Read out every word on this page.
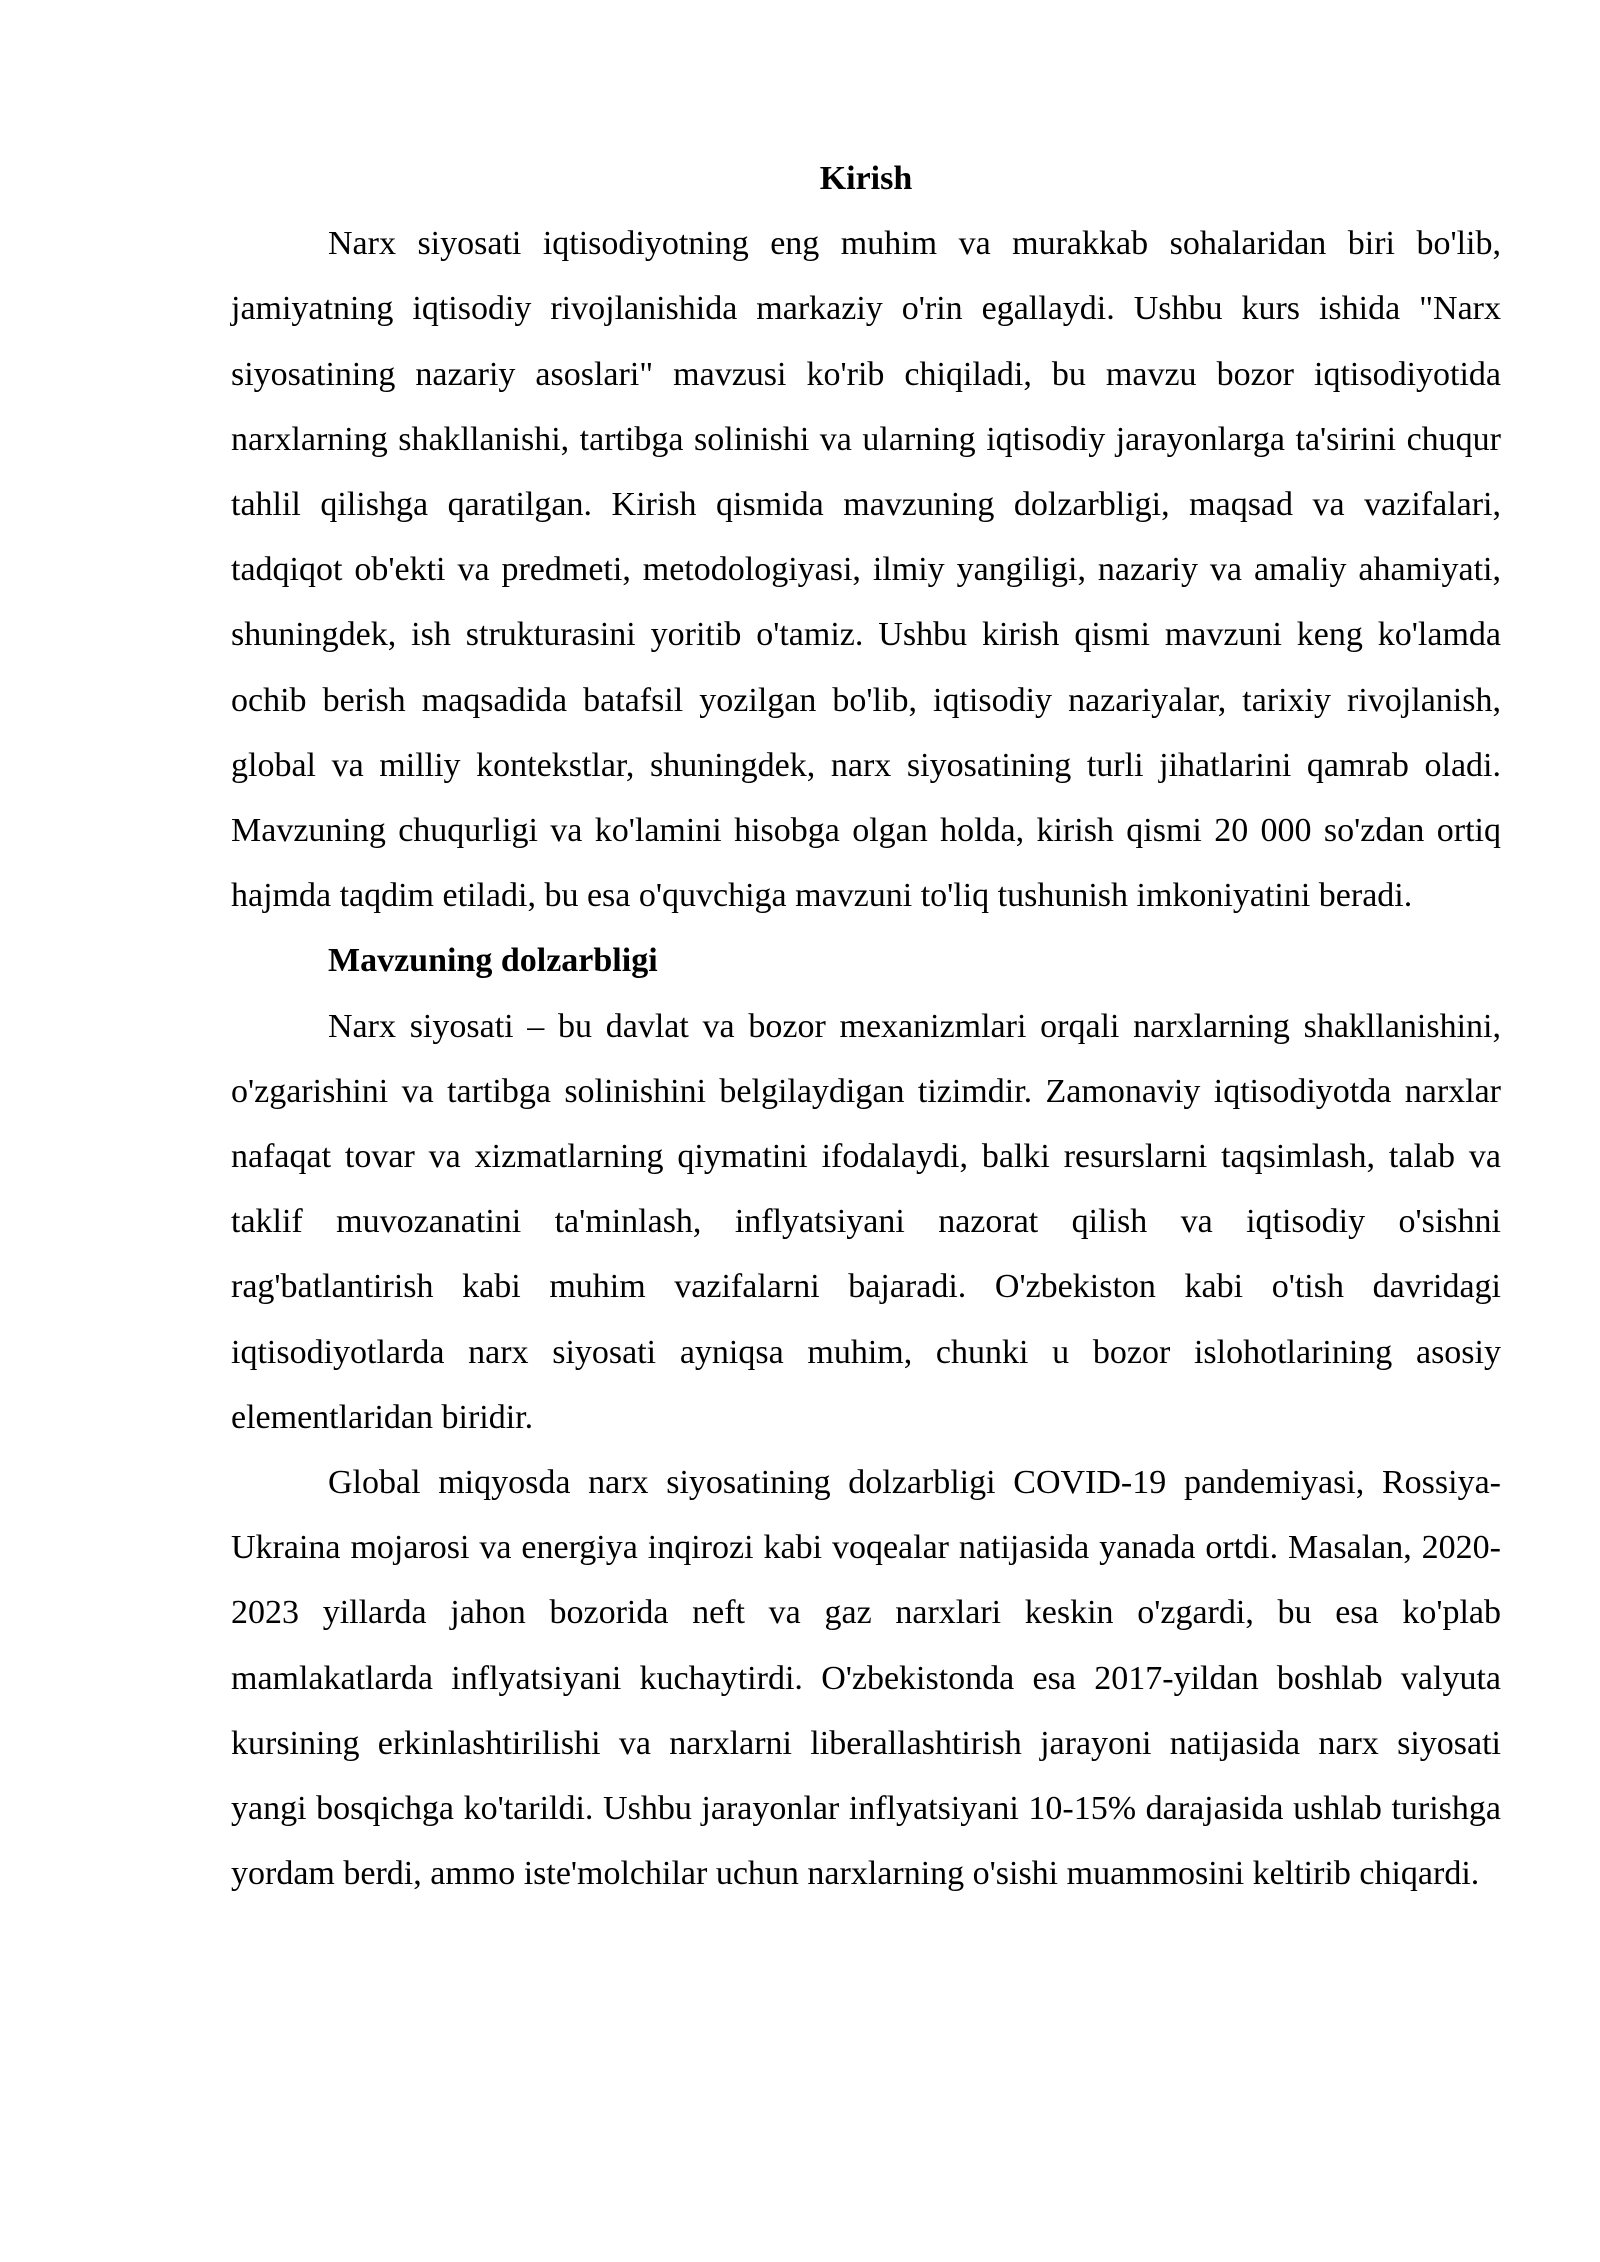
Kirish

Narx siyosati iqtisodiyotning eng muhim va murakkab sohalaridan biri bo'lib, jamiyatning iqtisodiy rivojlanishida markaziy o'rin egallaydi. Ushbu kurs ishida "Narx siyosatining nazariy asoslari" mavzusi ko'rib chiqiladi, bu mavzu bozor iqtisodiyotida narxlarning shakllanishi, tartibga solinishi va ularning iqtisodiy jarayonlarga ta'sirini chuqur tahlil qilishga qaratilgan. Kirish qismida mavzuning dolzarbligi, maqsad va vazifalari, tadqiqot ob'ekti va predmeti, metodologiyasi, ilmiy yangiligi, nazariy va amaliy ahamiyati, shuningdek, ish strukturasini yoritib o'tamiz. Ushbu kirish qismi mavzuni keng ko'lamda ochib berish maqsadida batafsil yozilgan bo'lib, iqtisodiy nazariyalar, tarixiy rivojlanish, global va milliy kontekstlar, shuningdek, narx siyosatining turli jihatlarini qamrab oladi. Mavzuning chuqurligi va ko'lamini hisobga olgan holda, kirish qismi 20 000 so'zdan ortiq hajmda taqdim etiladi, bu esa o'quvchiga mavzuni to'liq tushunish imkoniyatini beradi.

Mavzuning dolzarbligi

Narx siyosati – bu davlat va bozor mexanizmlari orqali narxlarning shakllanishini, o'zgarishini va tartibga solinishini belgilaydigan tizimdir. Zamonaviy iqtisodiyotda narxlar nafaqat tovar va xizmatlarning qiymatini ifodalaydi, balki resurslarni taqsimlash, talab va taklif muvozanatini ta'minlash, inflyatsiyani nazorat qilish va iqtisodiy o'sishni rag'batlantirish kabi muhim vazifalarni bajaradi. O'zbekiston kabi o'tish davridagi iqtisodiyotlarda narx siyosati ayniqsa muhim, chunki u bozor islohotlarining asosiy elementlaridan biridir.

Global miqyosda narx siyosatining dolzarbligi COVID-19 pandemiyasi, Rossiya-Ukraina mojarosi va energiya inqirozi kabi voqealar natijasida yanada ortdi. Masalan, 2020-2023 yillarda jahon bozorida neft va gaz narxlari keskin o'zgardi, bu esa ko'plab mamlakatlarda inflyatsiyani kuchaytirdi. O'zbekistonda esa 2017-yildan boshlab valyuta kursining erkinlashtirilishi va narxlarni liberallashtirish jarayoni natijasida narx siyosati yangi bosqichga ko'tarildi. Ushbu jarayonlar inflyatsiyani 10-15% darajasida ushlab turishga yordam berdi, ammo iste'molchilar uchun narxlarning o'sishi muammosini keltirib chiqardi.
